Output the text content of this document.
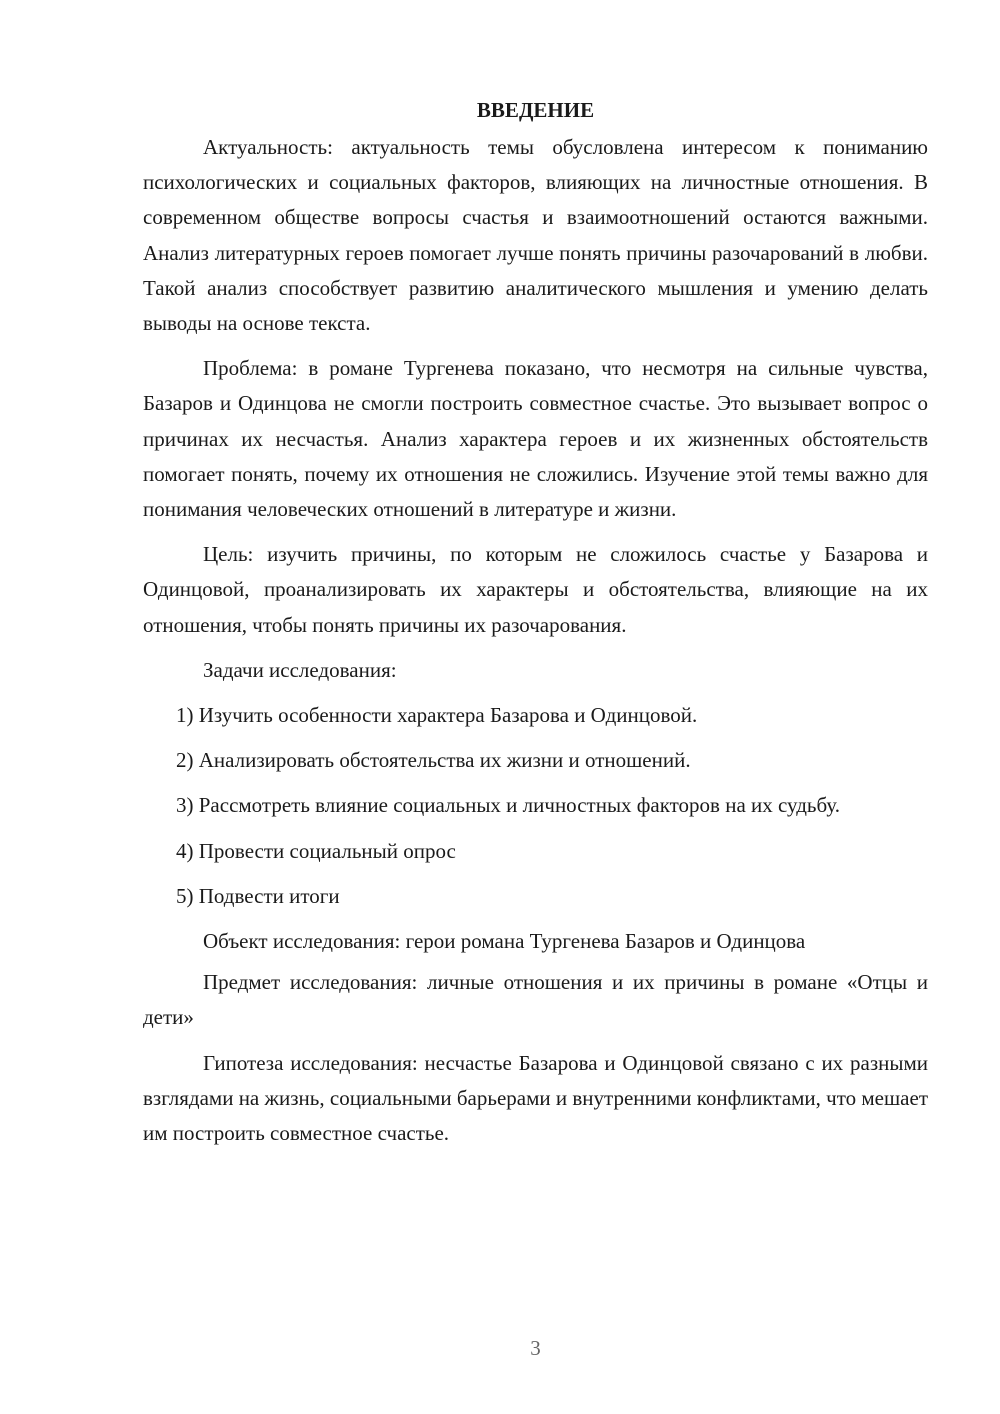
ВВЕДЕНИЕ

Актуальность: актуальность темы обусловлена интересом к пониманию психологических и социальных факторов, влияющих на личностные отношения. В современном обществе вопросы счастья и взаимоотношений остаются важными. Анализ литературных героев помогает лучше понять причины разочарований в любви. Такой анализ способствует развитию аналитического мышления и умению делать выводы на основе текста.

Проблема: в романе Тургенева показано, что несмотря на сильные чувства, Базаров и Одинцова не смогли построить совместное счастье. Это вызывает вопрос о причинах их несчастья. Анализ характера героев и их жизненных обстоятельств помогает понять, почему их отношения не сложились. Изучение этой темы важно для понимания человеческих отношений в литературе и жизни.

Цель: изучить причины, по которым не сложилось счастье у Базарова и Одинцовой, проанализировать их характеры и обстоятельства, влияющие на их отношения, чтобы понять причины их разочарования.

Задачи исследования:

1) Изучить особенности характера Базарова и Одинцовой.

2) Анализировать обстоятельства их жизни и отношений.

3) Рассмотреть влияние социальных и личностных факторов на их судьбу.

4) Провести социальный опрос

5) Подвести итоги

Объект исследования: герои романа Тургенева Базаров и Одинцова

Предмет исследования: личные отношения и их причины в романе «Отцы и дети»

Гипотеза исследования: несчастье Базарова и Одинцовой связано с их разными взглядами на жизнь, социальными барьерами и внутренними конфликтами, что мешает им построить совместное счастье.

3
